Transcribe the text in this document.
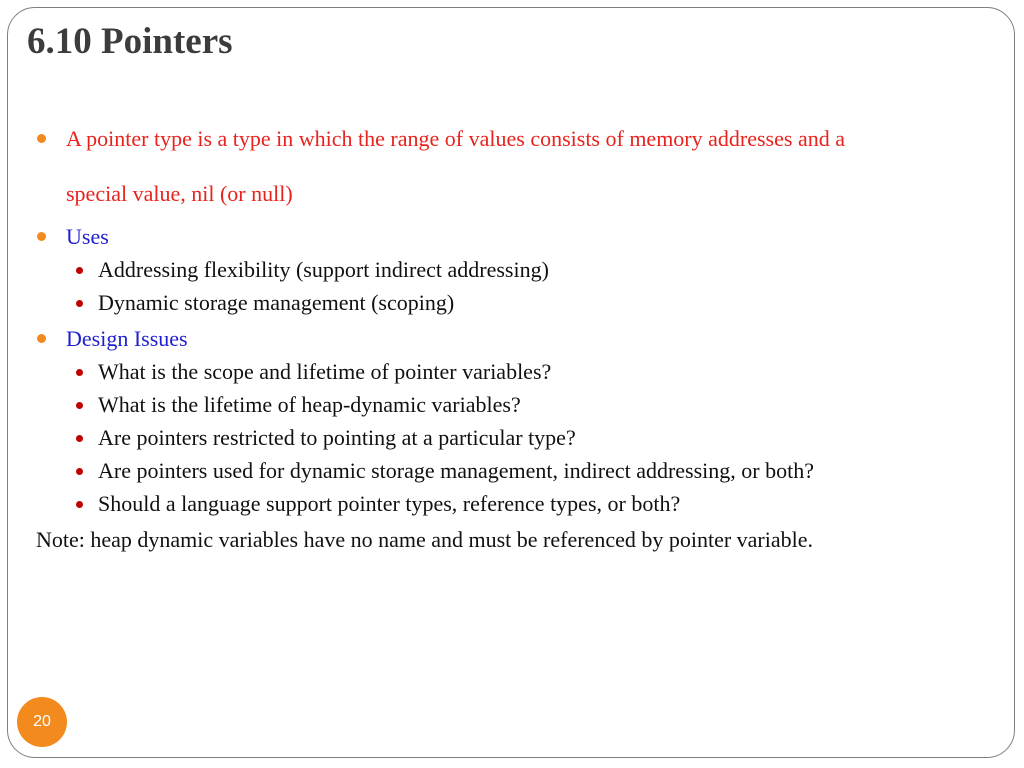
6.10 Pointers
A pointer type is a type in which the range of values consists of memory addresses and a
special value, nil (or null)
Uses
Addressing flexibility (support indirect addressing)
Dynamic storage management (scoping)
Design Issues
What is the scope and lifetime of pointer variables?
What is the lifetime of heap-dynamic variables?
Are pointers restricted to pointing at a particular type?
Are pointers used for dynamic storage management, indirect addressing, or both?
Should a language support pointer types, reference types, or both?
Note: heap dynamic variables have no name and must be referenced by pointer variable.
20
